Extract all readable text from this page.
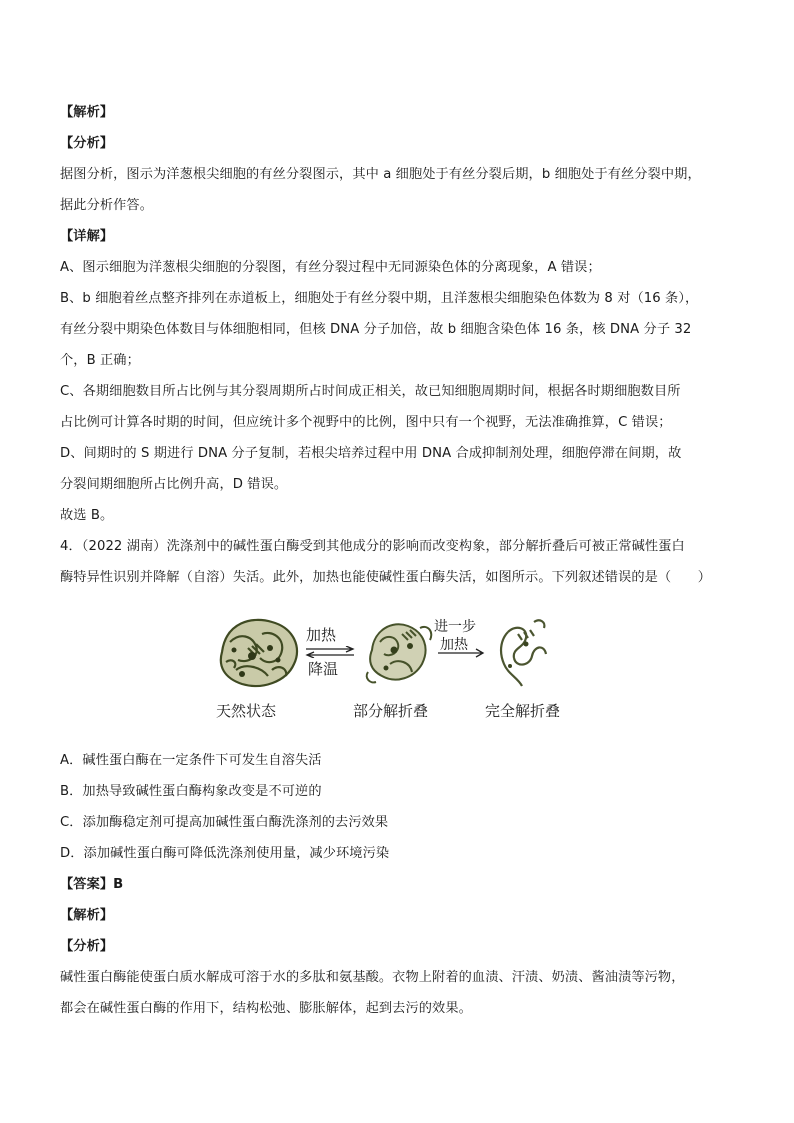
【解析】
【分析】
据图分析，图示为洋葱根尖细胞的有丝分裂图示，其中 a 细胞处于有丝分裂后期，b 细胞处于有丝分裂中期，
据此分析作答。
【详解】
A、图示细胞为洋葱根尖细胞的分裂图，有丝分裂过程中无同源染色体的分离现象，A 错误；
B、b 细胞着丝点整齐排列在赤道板上，细胞处于有丝分裂中期，且洋葱根尖细胞染色体数为 8 对（16 条），
有丝分裂中期染色体数目与体细胞相同，但核 DNA 分子加倍，故 b 细胞含染色体 16 条，核 DNA 分子 32
个，B 正确；
C、各期细胞数目所占比例与其分裂周期所占时间成正相关，故已知细胞周期时间，根据各时期细胞数目所
占比例可计算各时期的时间，但应统计多个视野中的比例，图中只有一个视野，无法准确推算，C 错误；
D、间期时的 S 期进行 DNA 分子复制，若根尖培养过程中用 DNA 合成抑制剂处理，细胞停滞在间期，故
分裂间期细胞所占比例升高，D 错误。
故选 B。
4．（2022 湖南）洗涤剂中的碱性蛋白酶受到其他成分的影响而改变构象，部分解折叠后可被正常碱性蛋白
酶特异性识别并降解（自溶）失活。此外，加热也能使碱性蛋白酶失活，如图所示。下列叙述错误的是（　　）
加热
降温
进一步
加热
天然状态	部分解折叠	完全解折叠
A．碱性蛋白酶在一定条件下可发生自溶失活
B．加热导致碱性蛋白酶构象改变是不可逆的
C．添加酶稳定剂可提高加碱性蛋白酶洗涤剂的去污效果
D．添加碱性蛋白酶可降低洗涤剂使用量，减少环境污染
【答案】B
【解析】
【分析】
碱性蛋白酶能使蛋白质水解成可溶于水的多肽和氨基酸。衣物上附着的血渍、汗渍、奶渍、酱油渍等污物，
都会在碱性蛋白酶的作用下，结构松弛、膨胀解体，起到去污的效果。
